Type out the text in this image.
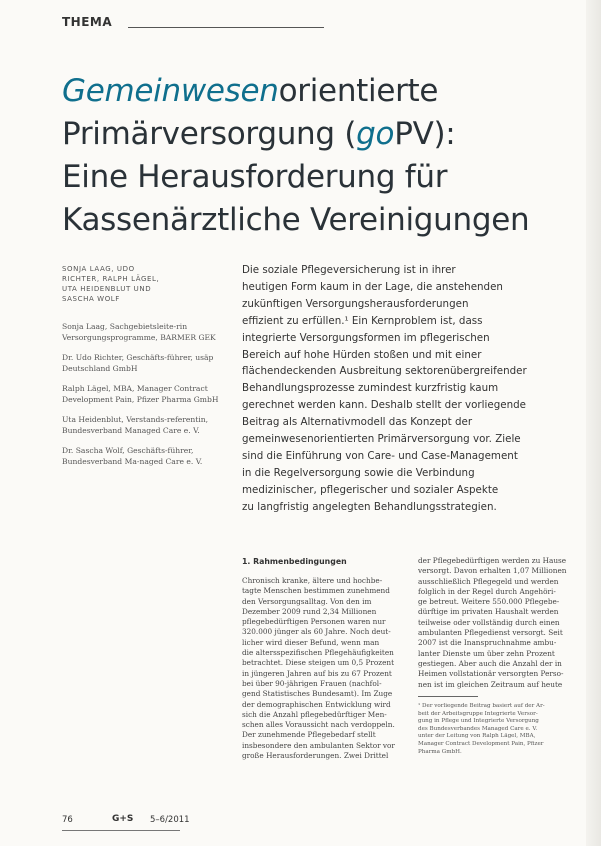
THEMA
Gemeinwesenorientierte
Primärversorgung (goPV):
Eine Herausforderung für
Kassenärztliche Vereinigungen
SONJA LAAG, UDO
RICHTER, RALPH LÄGEL,
UTA HEIDENBLUT UND
SASCHA WOLF

Sonja Laag, Sachgebietsleite-rin Versorgungsprogramme, BARMER GEK

Dr. Udo Richter, Geschäfts-führer, usäp Deutschland GmbH

Ralph Lägel, MBA, Manager Contract Development Pain, Pfizer Pharma GmbH

Uta Heidenblut, Verstands-referentin, Bundesverband Managed Care e. V.

Dr. Sascha Wolf, Geschäfts-führer, Bundesverband Ma-naged Care e. V.

Die soziale Pflegeversicherung ist in ihrer
heutigen Form kaum in der Lage, die anstehenden
zukünftigen Versorgungsherausforderungen
effizient zu erfüllen.¹ Ein Kernproblem ist, dass
integrierte Versorgungsformen im pflegerischen
Bereich auf hohe Hürden stoßen und mit einer
flächendeckenden Ausbreitung sektorenübergreifender
Behandlungsprozesse zumindest kurzfristig kaum
gerechnet werden kann. Deshalb stellt der vorliegende
Beitrag als Alternativmodell das Konzept der
gemeinwesenorientierten Primärversorgung vor. Ziele
sind die Einführung von Care- und Case-Management
in die Regelversorgung sowie die Verbindung
medizinischer, pflegerischer und sozialer Aspekte
zu langfristig angelegten Behandlungsstrategien.
1. Rahmenbedingungen
Chronisch kranke, ältere und hochbe-
tagte Menschen bestimmen zunehmend
den Versorgungsalltag. Von den im
Dezember 2009 rund 2,34 Millionen
pflegebedürftigen Personen waren nur
320.000 jünger als 60 Jahre. Noch deut-
licher wird dieser Befund, wenn man
die altersspezifischen Pflegehäufigkeiten
betrachtet. Diese steigen um 0,5 Prozent
in jüngeren Jahren auf bis zu 67 Prozent
bei über 90-jährigen Frauen (nachfol-
gend Statistisches Bundesamt). Im Zuge
der demographischen Entwicklung wird
sich die Anzahl pflegebedürftiger Men-
schen alles Voraussicht nach verdoppeln.
Der zunehmende Pflegebedarf stellt
insbesondere den ambulanten Sektor vor
große Herausforderungen. Zwei Drittel
der Pflegebedürftigen werden zu Hause
versorgt. Davon erhalten 1,07 Millionen
ausschließlich Pflegegeld und werden
folglich in der Regel durch Angehöri-
ge betreut. Weitere 550.000 Pflegebe-
dürftige im privaten Haushalt werden
teilweise oder vollständig durch einen
ambulanten Pflegedienst versorgt. Seit
2007 ist die Inanspruchnahme ambu-
lanter Dienste um über zehn Prozent
gestiegen. Aber auch die Anzahl der in
Heimen vollstationär versorgten Perso-
nen ist im gleichen Zeitraum auf heute
¹ Der vorliegende Beitrag basiert auf der Ar-
beit der Arbeitsgruppe Integrierte Versor-
gung in Pflege und Integrierte Versorgung
des Bundesverbandes Managed Care e. V.
unter der Leitung von Ralph Lägel, MBA,
Manager Contract Development Pain, Pfizer
Pharma GmbH.
76	G+S 5–6/2011
